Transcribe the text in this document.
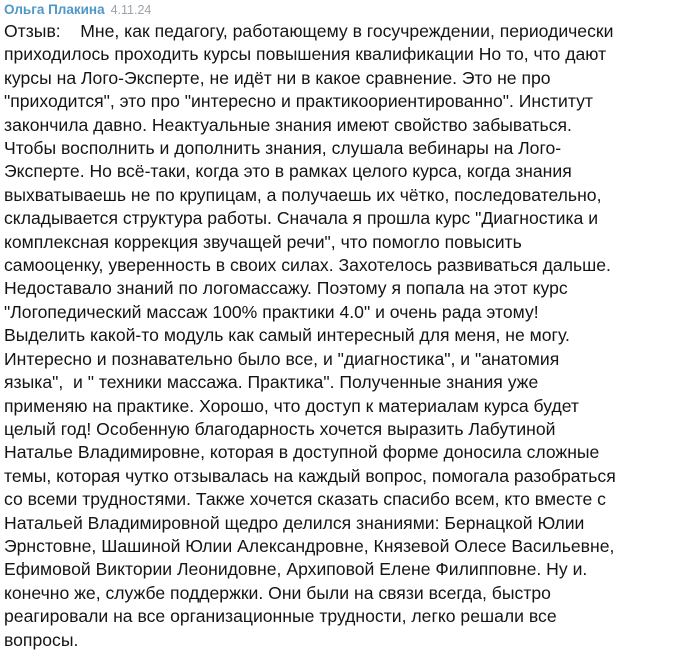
Ольга Плакина 4.11.24
Отзыв:    Мне, как педагогу, работающему в госучреждении, периодически
приходилось проходить курсы повышения квалификации Но то, что дают
курсы на Лого-Эксперте, не идёт ни в какое сравнение. Это не про
"приходится", это про "интересно и практикоориентированно". Институт
закончила давно. Неактуальные знания имеют свойство забываться.
Чтобы восполнить и дополнить знания, слушала вебинары на Лого-
Эксперте. Но всё-таки, когда это в рамках целого курса, когда знания
выхватываешь не по крупицам, а получаешь их чётко, последовательно,
складывается структура работы. Сначала я прошла курс "Диагностика и
комплексная коррекция звучащей речи", что помогло повысить
самооценку, уверенность в своих силах. Захотелось развиваться дальше.
Недоставало знаний по логомассажу. Поэтому я попала на этот курс
"Логопедический массаж 100% практики 4.0" и очень рада этому!
Выделить какой-то модуль как самый интересный для меня, не могу.
Интересно и познавательно было все, и "диагностика", и "анатомия
языка",  и " техники массажа. Практика". Полученные знания уже
применяю на практике. Хорошо, что доступ к материалам курса будет
целый год! Особенную благодарность хочется выразить Лабутиной
Наталье Владимировне, которая в доступной форме доносила сложные
темы, которая чутко отзывалась на каждый вопрос, помогала разобраться
со всеми трудностями. Также хочется сказать спасибо всем, кто вместе с
Натальей Владимировной щедро делился знаниями: Бернацкой Юлии
Эрнстовне, Шашиной Юлии Александровне, Князевой Олесе Васильевне,
Ефимовой Виктории Леонидовне, Архиповой Елене Филипповне. Ну и.
конечно же, службе поддержки. Они были на связи всегда, быстро
реагировали на все организационные трудности, легко решали все
вопросы.
